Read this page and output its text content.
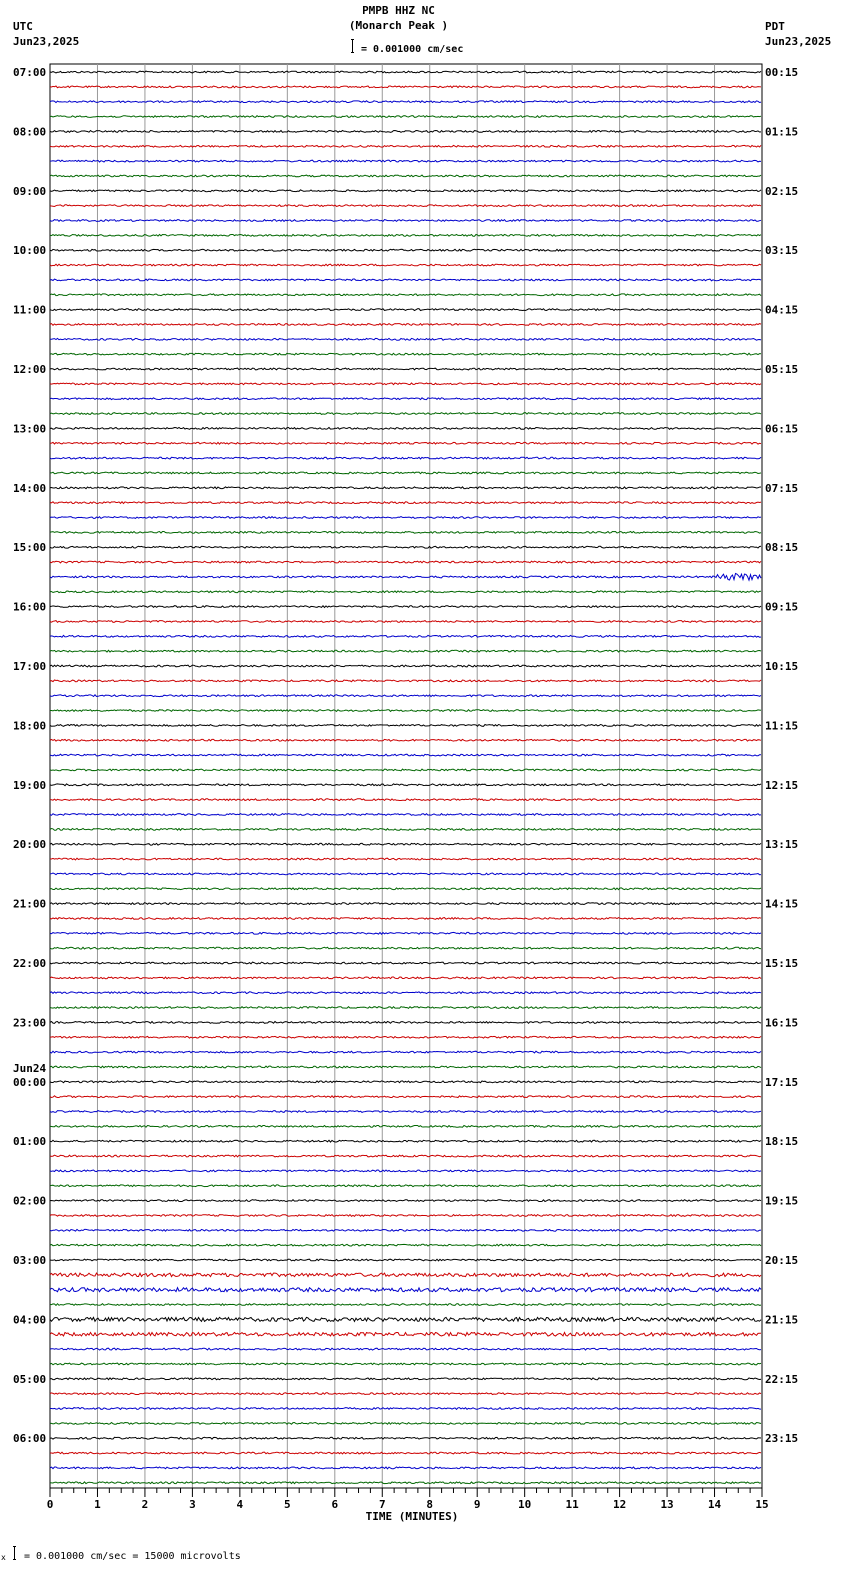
PMPB HHZ NC
(Monarch Peak )
= 0.001000 cm/sec
UTC
Jun23,2025
PDT
Jun23,2025
07:00
08:00
09:00
10:00
11:00
12:00
13:00
14:00
15:00
16:00
17:00
18:00
19:00
20:00
21:00
22:00
23:00
00:00
01:00
02:00
03:00
04:00
05:00
06:00
00:15
01:15
02:15
03:15
04:15
05:15
06:15
07:15
08:15
09:15
10:15
11:15
12:15
13:15
14:15
15:15
16:15
17:15
18:15
19:15
20:15
21:15
22:15
23:15
Jun24
0	1	2	3	4	5	6	7	8	9	10	11	12	13	14	15
TIME (MINUTES)
x = 0.001000 cm/sec = 15000 microvolts
